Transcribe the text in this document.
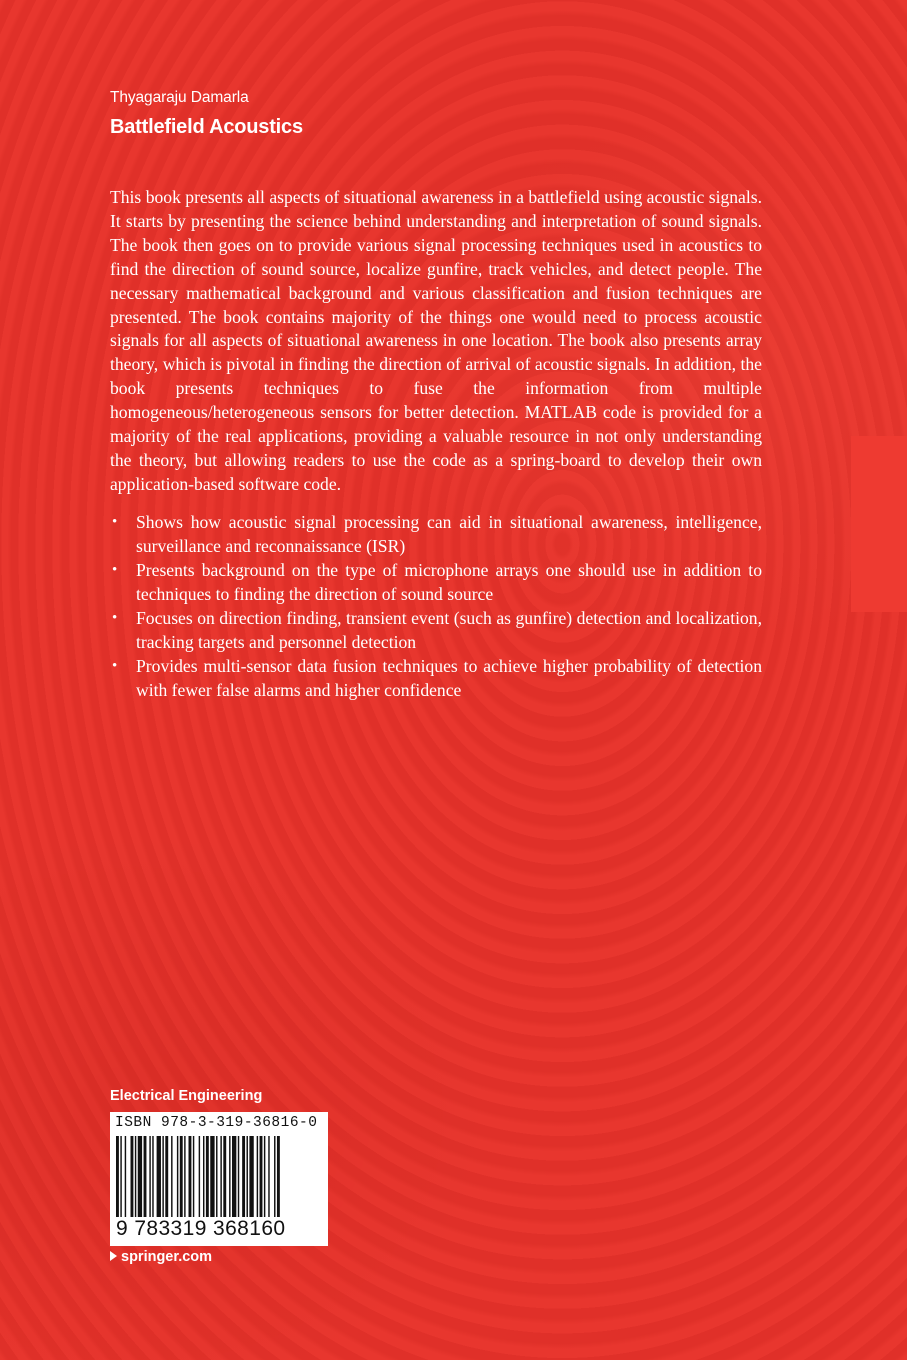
Thyagaraju Damarla
Battlefield Acoustics

This book presents all aspects of situational awareness in a battlefield using acoustic signals. It starts by presenting the science behind understanding and interpretation of sound signals. The book then goes on to provide various signal processing techniques used in acoustics to find the direction of sound source, localize gunfire, track vehicles, and detect people. The necessary mathematical background and various classification and fusion techniques are presented. The book contains majority of the things one would need to process acoustic signals for all aspects of situational awareness in one location. The book also presents array theory, which is pivotal in finding the direction of arrival of acoustic signals. In addition, the book presents techniques to fuse the information from multiple homogeneous/heterogeneous sensors for better detection. MATLAB code is provided for a majority of the real applications, providing a valuable resource in not only understanding the theory, but allowing readers to use the code as a spring-board to develop their own application-based software code.

• Shows how acoustic signal processing can aid in situational awareness, intelligence, surveillance and reconnaissance (ISR)
• Presents background on the type of microphone arrays one should use in addition to techniques to finding the direction of sound source
• Focuses on direction finding, transient event (such as gunfire) detection and localization, tracking targets and personnel detection
• Provides multi-sensor data fusion techniques to achieve higher probability of detection with fewer false alarms and higher confidence
Electrical Engineering
ISBN 978-3-319-36816-0
9 783319 368160
springer.com
